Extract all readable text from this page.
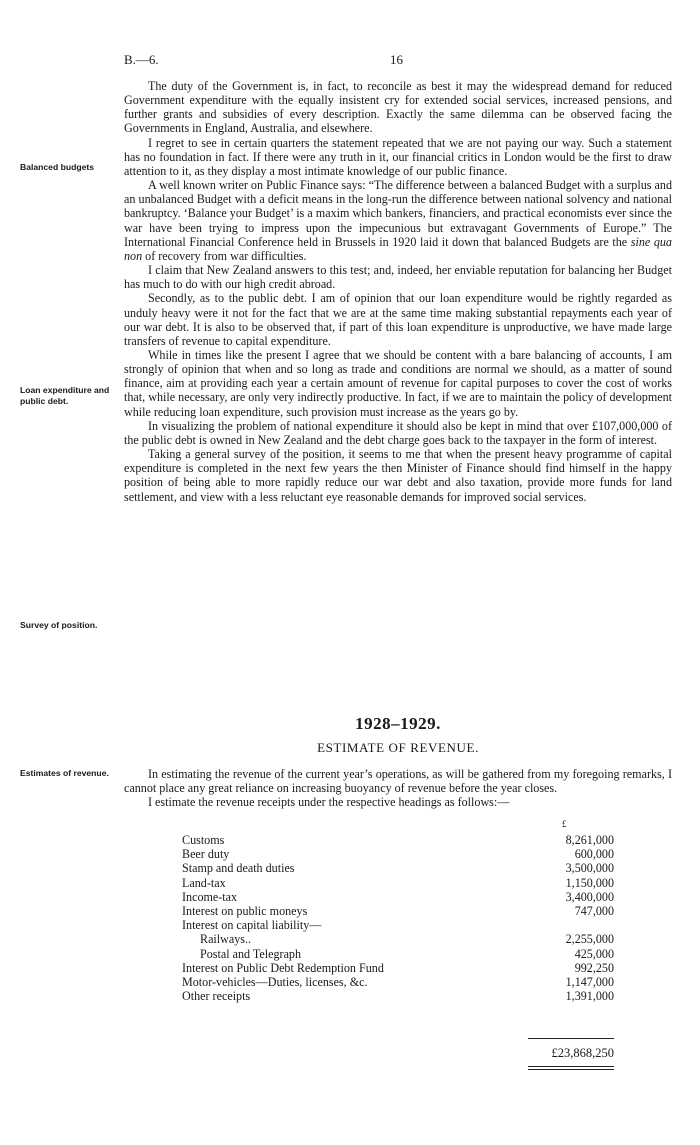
B.—6.	16
Balanced budgets
Loan expenditure and public debt.
Survey of position.
Estimates of revenue.

The duty of the Government is, in fact, to reconcile as best it may the widespread demand for reduced Government expenditure with the equally insistent cry for extended social services, increased pensions, and further grants and subsidies of every description. Exactly the same dilemma can be observed facing the Governments in England, Australia, and elsewhere.

I regret to see in certain quarters the statement repeated that we are not paying our way. Such a statement has no foundation in fact. If there were any truth in it, our financial critics in London would be the first to draw attention to it, as they display a most intimate knowledge of our public finance.

A well known writer on Public Finance says: “The difference between a balanced Budget with a surplus and an unbalanced Budget with a deficit means in the long-run the difference between national solvency and national bankruptcy. ‘Balance your Budget’ is a maxim which bankers, financiers, and practical economists ever since the war have been trying to impress upon the impecunious but extravagant Governments of Europe.” The International Financial Conference held in Brussels in 1920 laid it down that balanced Budgets are the sine qua non of recovery from war difficulties.

I claim that New Zealand answers to this test; and, indeed, her enviable reputation for balancing her Budget has much to do with our high credit abroad.

Secondly, as to the public debt. I am of opinion that our loan expenditure would be rightly regarded as unduly heavy were it not for the fact that we are at the same time making substantial repayments each year of our war debt. It is also to be observed that, if part of this loan expenditure is unproductive, we have made large transfers of revenue to capital expenditure.

While in times like the present I agree that we should be content with a bare balancing of accounts, I am strongly of opinion that when and so long as trade and conditions are normal we should, as a matter of sound finance, aim at providing each year a certain amount of revenue for capital purposes to cover the cost of works that, while necessary, are only very indirectly productive. In fact, if we are to maintain the policy of development while reducing loan expenditure, such provision must increase as the years go by.

In visualizing the problem of national expenditure it should also be kept in mind that over £107,000,000 of the public debt is owned in New Zealand and the debt charge goes back to the taxpayer in the form of interest.

Taking a general survey of the position, it seems to me that when the present heavy programme of capital expenditure is completed in the next few years the then Minister of Finance should find himself in the happy position of being able to more rapidly reduce our war debt and also taxation, provide more funds for land settlement, and view with a less reluctant eye reasonable demands for improved social services.

1928–1929.
ESTIMATE OF REVENUE.

In estimating the revenue of the current year’s operations, as will be gathered from my foregoing remarks, I cannot place any great reliance on increasing buoyancy of revenue before the year closes.

I estimate the revenue receipts under the respective headings as follows:—

£
Customs	8,261,000
Beer duty	600,000
Stamp and death duties	3,500,000
Land-tax	1,150,000
Income-tax	3,400,000
Interest on public moneys	747,000
Interest on capital liability—
Railways..	2,255,000
Postal and Telegraph	425,000
Interest on Public Debt Redemption Fund	992,250
Motor-vehicles—Duties, licenses, &c.	1,147,000
Other receipts	1,391,000
£23,868,250
